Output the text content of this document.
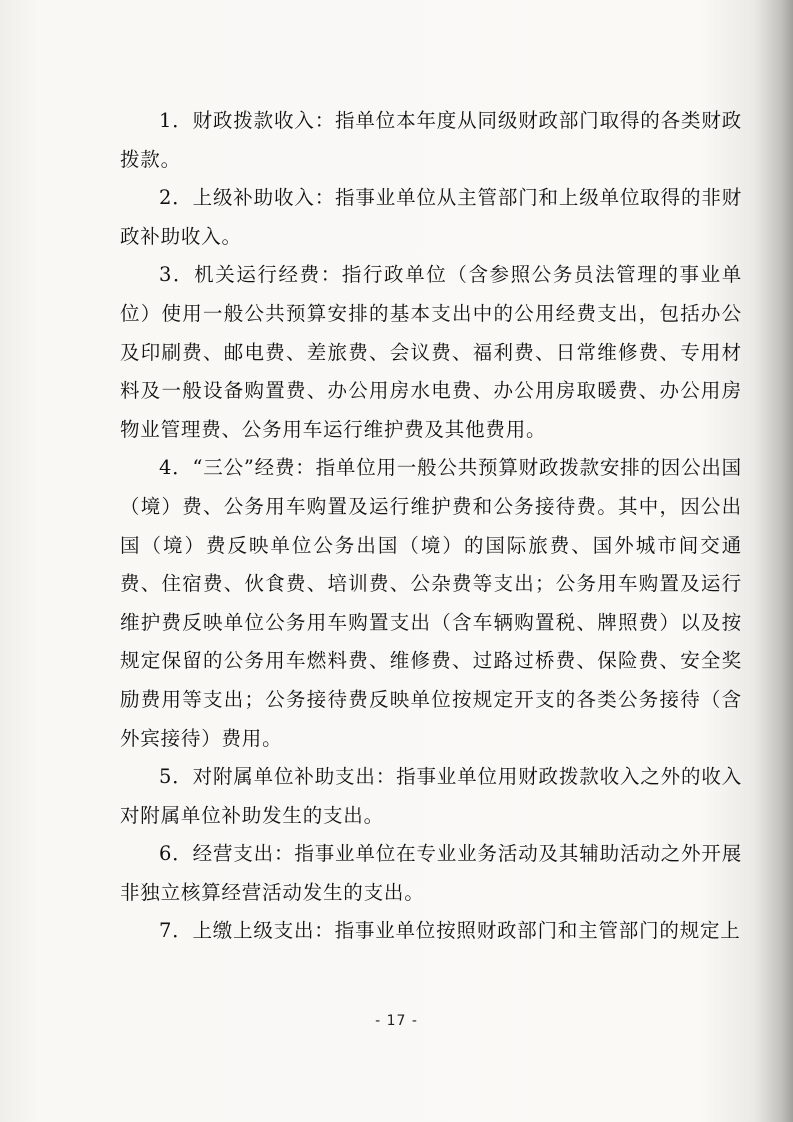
1．财政拨款收入：指单位本年度从同级财政部门取得的各类财政拨款。

2．上级补助收入：指事业单位从主管部门和上级单位取得的非财政补助收入。

3．机关运行经费：指行政单位（含参照公务员法管理的事业单位）使用一般公共预算安排的基本支出中的公用经费支出，包括办公及印刷费、邮电费、差旅费、会议费、福利费、日常维修费、专用材料及一般设备购置费、办公用房水电费、办公用房取暖费、办公用房物业管理费、公务用车运行维护费及其他费用。

4．“三公”经费：指单位用一般公共预算财政拨款安排的因公出国（境）费、公务用车购置及运行维护费和公务接待费。其中，因公出国（境）费反映单位公务出国（境）的国际旅费、国外城市间交通费、住宿费、伙食费、培训费、公杂费等支出；公务用车购置及运行维护费反映单位公务用车购置支出（含车辆购置税、牌照费）以及按规定保留的公务用车燃料费、维修费、过路过桥费、保险费、安全奖励费用等支出；公务接待费反映单位按规定开支的各类公务接待（含外宾接待）费用。

5．对附属单位补助支出：指事业单位用财政拨款收入之外的收入对附属单位补助发生的支出。

6．经营支出：指事业单位在专业业务活动及其辅助活动之外开展非独立核算经营活动发生的支出。

7．上缴上级支出：指事业单位按照财政部门和主管部门的规定上

- 17 -
